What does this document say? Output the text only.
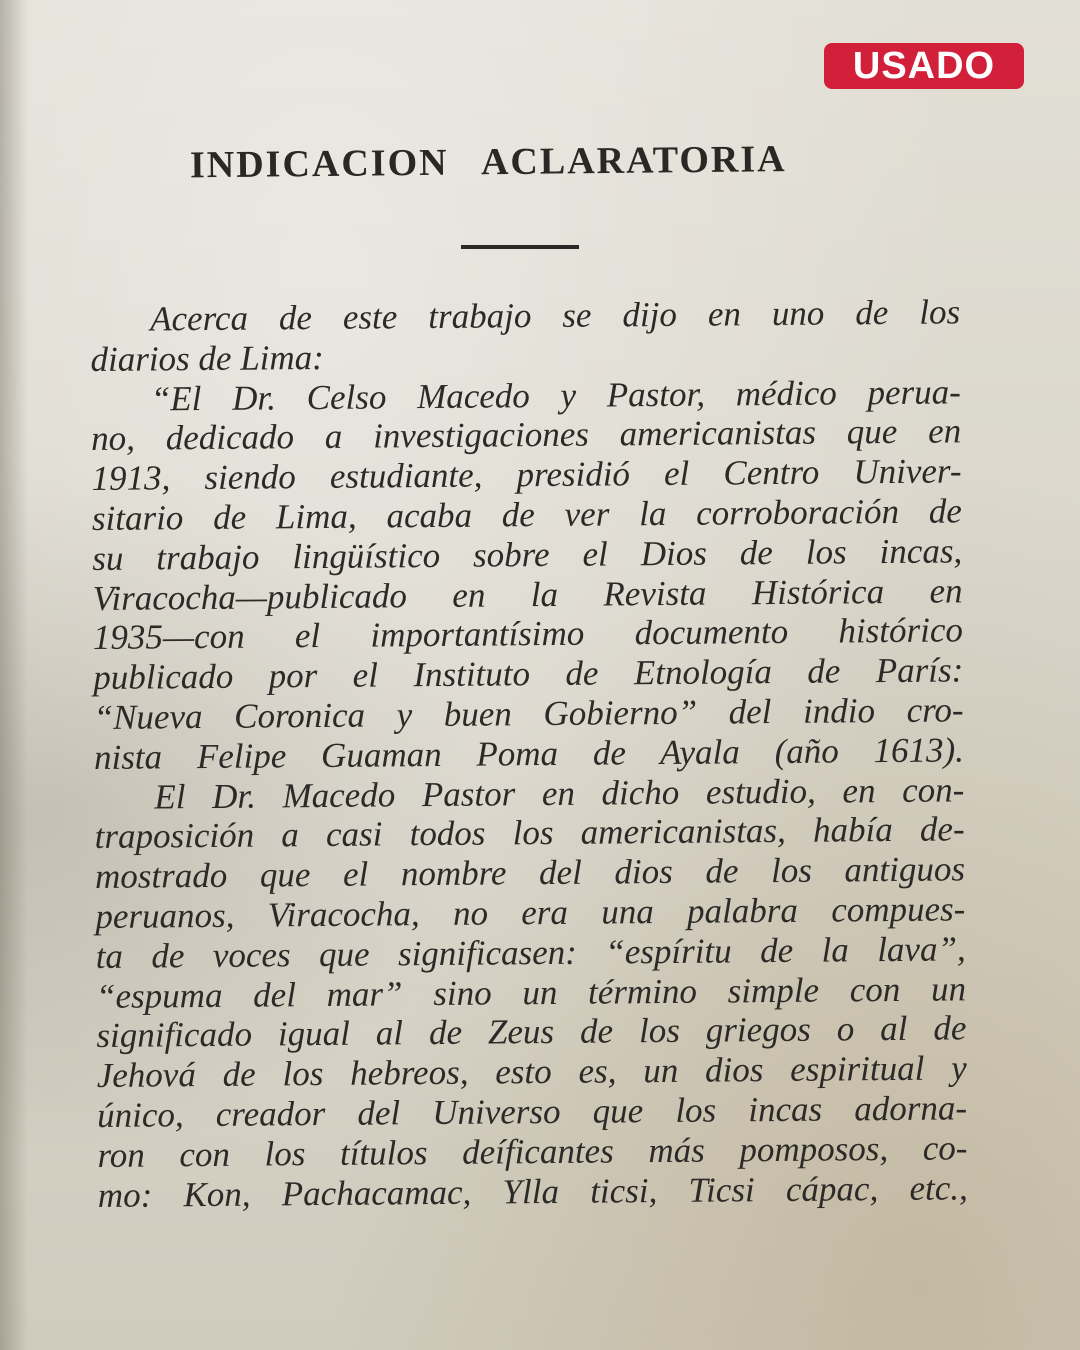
USADO
INDICACION   ACLARATORIA
Acerca de este trabajo se dijo en uno de los
diarios de Lima:
“El Dr. Celso Macedo y Pastor, médico perua-
no, dedicado a investigaciones americanistas que en
1913, siendo estudiante, presidió el Centro Univer-
sitario de Lima, acaba de ver la corroboración de
su trabajo lingüístico sobre el Dios de los incas,
Viracocha—publicado en la Revista Histórica en
1935—con el importantísimo documento histórico
publicado por el Instituto de Etnología de París:
“Nueva Coronica y buen Gobierno” del indio cro-
nista Felipe Guaman Poma de Ayala (año 1613).
El Dr. Macedo Pastor en dicho estudio, en con-
traposición a casi todos los americanistas, había de-
mostrado que el nombre del dios de los antiguos
peruanos, Viracocha, no era una palabra compues-
ta de voces que significasen: “espíritu de la lava”,
“espuma del mar” sino un término simple con un
significado igual al de Zeus de los griegos o al de
Jehová de los hebreos, esto es, un dios espiritual y
único, creador del Universo que los incas adorna-
ron con los títulos deíficantes más pomposos, co-
mo: Kon, Pachacamac, Ylla ticsi, Ticsi cápac, etc.,
